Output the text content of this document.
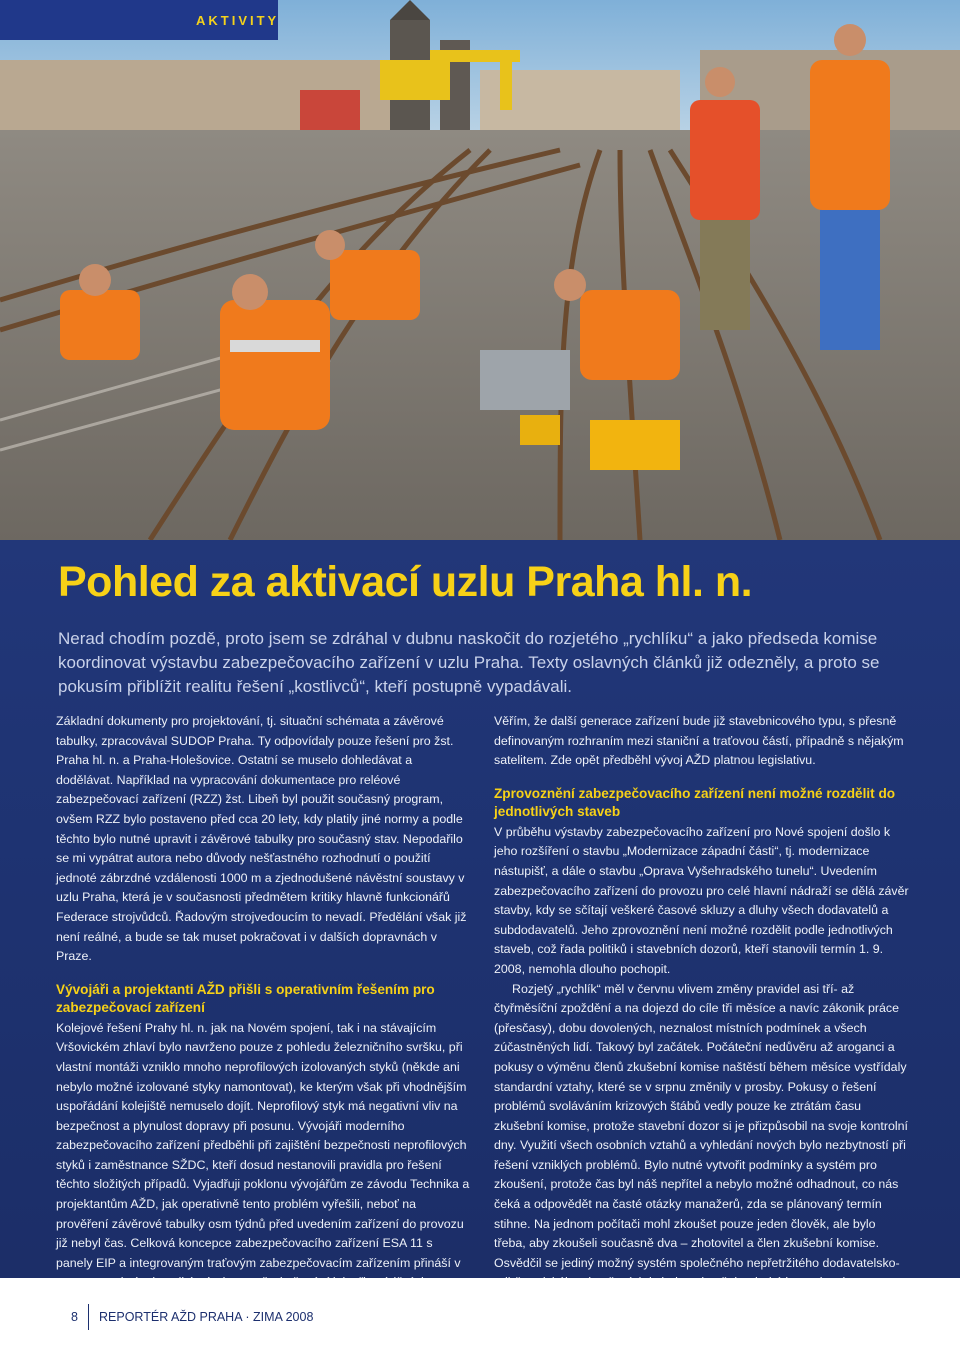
AKTIVITY
Pohled za aktivací uzlu Praha hl. n.

Nerad chodím pozdě, proto jsem se zdráhal v dubnu naskočit do rozjetého „rychlíku“ a jako předseda komise koordinovat výstavbu zabezpečovacího zařízení v uzlu Praha. Texty oslavných článků již odezněly, a proto se pokusím přiblížit realitu řešení „kostlivců“, kteří postupně vypadávali.

Základní dokumenty pro projektování, tj. situační schémata a závěrové tabulky, zpracovával SUDOP Praha. Ty odpovídaly pouze řešení pro žst. Praha hl. n. a Praha-Holešovice. Ostatní se muselo dohledávat a dodělávat. Například na vypracování dokumentace pro reléové zabezpečovací zařízení (RZZ) žst. Libeň byl použit současný program, ovšem RZZ bylo postaveno před cca 20 lety, kdy platily jiné normy a podle těchto bylo nutné upravit i závěrové tabulky pro současný stav. Nepodařilo se mi vypátrat autora nebo důvody nešťastného rozhodnutí o použití jednoté zábrzdné vzdálenosti 1000 m a zjednodušené návěstní soustavy v uzlu Praha, která je v současnosti předmětem kritiky hlavně funkcionářů Federace strojvůdců. Řadovým strojvedoucím to nevadí. Předělání však již není reálné, a bude se tak muset pokračovat i v dalších dopravnách v Praze.

Vývojáři a projektanti AŽD přišli s operativním řešením pro zabezpečovací zařízení

Kolejové řešení Prahy hl. n. jak na Novém spojení, tak i na stávajícím Vršovickém zhlaví bylo navrženo pouze z pohledu železničního svršku, při vlastní montáži vzniklo mnoho neprofilových izolovaných styků (někde ani nebylo možné izolované styky namontovat), ke kterým však při vhodnějším uspořádání kolejiště nemuselo dojít. Neprofilový styk má negativní vliv na bezpečnost a plynulost dopravy při posunu. Vývojáři moderního zabezpečovacího zařízení předběhli při zajištění bezpečnosti neprofilových styků i zaměstnance SŽDC, kteří dosud nestanovili pravidla pro řešení těchto složitých případů. Vyjadřuji poklonu vývojářům ze závodu Technika a projektantům AŽD, jak operativně tento problém vyřešili, neboť na prověření závěrové tabulky osm týdnů před uvedením zařízení do provozu již nebyl čas. Celková koncepce zabezpečovacího zařízení ESA 11 s panely EIP a integrovaným traťovým zabezpečovacím zařízením přináší v

Věřím, že další generace zařízení bude již stavebnicového typu, s přesně definovaným rozhraním mezi staniční a traťovou částí, případně s nějakým satelitem. Zde opět předběhl vývoj AŽD platnou legislativu.

Zprovoznění zabezpečovacího zařízení není možné rozdělit do jednotlivých staveb

V průběhu výstavby zabezpečovacího zařízení pro Nové spojení došlo k jeho rozšíření o stavbu „Modernizace západní části“, tj. modernizace nástupišť, a dále o stavbu „Oprava Vyšehradského tunelu“. Uvedením zabezpečovacího zařízení do provozu pro celé hlavní nádraží se dělá závěr stavby, kdy se sčítají veškeré časové skluzy a dluhy všech dodavatelů a subdodavatelů. Jeho zprovoznění není možné rozdělit podle jednotlivých staveb, což řada politiků i stavebních dozorů, kteří stanovili termín 1. 9. 2008, nemohla dlouho pochopit.

Rozjetý „rychlík“ měl v červnu vlivem změny pravidel asi tří- až čtyřměsíční zpoždění a na dojezd do cíle tři měsíce a navíc zákonik práce (přesčasy), dobu dovolených, neznalost místních podmínek a všech zúčastněných lidí. Takový byl začátek. Počáteční nedůvěru až aroganci a pokusy o výměnu členů zkušební komise naštěstí během měsíce vystřídaly standardní vztahy, které se v srpnu změnily v prosby. Pokusy o řešení problémů svoláváním krizových štábů vedly pouze ke ztrátám času zkušební komise, protože stavební dozor si je přizpůsobil na svoje kontrolní dny. Využití všech osobních vztahů a vyhledání nových bylo nezbytností při řešení vzniklých problémů. Bylo nutné vytvořit podmínky a systém pro zkoušení, protože čas byl náš nepřítel a nebylo možné odhadnout, co nás čeká a odpovědět na časté otázky manažerů, zda se plánovaný termín stihne. Na jednom počítači mohl zkoušet pouze jeden člověk, ale bylo třeba, aby zkoušeli současně dva – zhotovitel a člen zkušební komise. Osvědčil se jediný možný systém společného nepřetržitého dodavatelsko-

8	REPORTÉR AŽD PRAHA · ZIMA 2008
